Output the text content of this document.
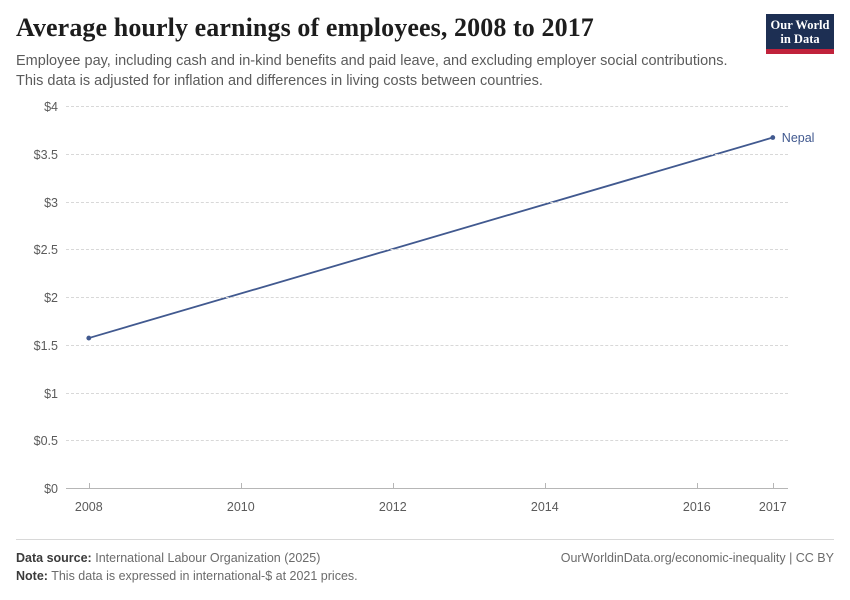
Average hourly earnings of employees, 2008 to 2017

Employee pay, including cash and in-kind benefits and paid leave, and excluding employer social contributions. This data is adjusted for inflation and differences in living costs between countries.

Our World
in Data
$0
$0.5
$1
$1.5
$2
$2.5
$3
$3.5
$4
2008	2010	2012	2014	2016	2017
Nepal
Data source: International Labour Organization (2025)	OurWorldinData.org/economic-inequality | CC BY
Note: This data is expressed in international-$ at 2021 prices.
